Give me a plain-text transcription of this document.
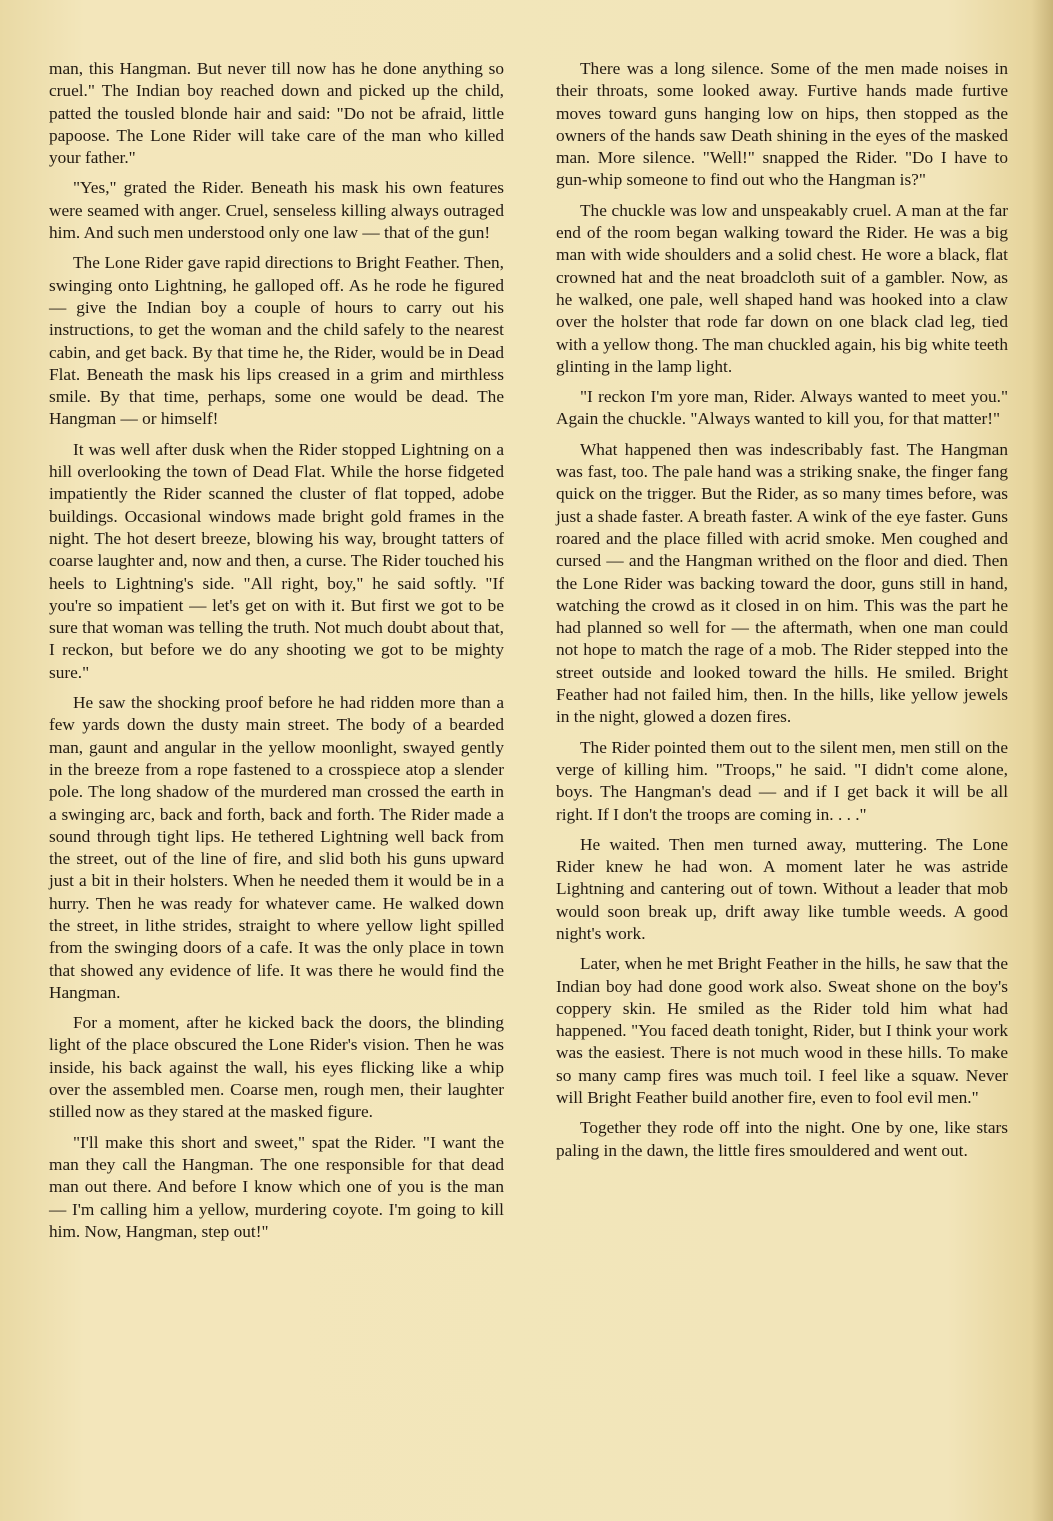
man, this Hangman. But never till now has he done anything so cruel." The Indian boy reached down and picked up the child, patted the tousled blonde hair and said: "Do not be afraid, little papoose. The Lone Rider will take care of the man who killed your father."

"Yes," grated the Rider. Beneath his mask his own features were seamed with anger. Cruel, senseless killing always outraged him. And such men understood only one law — that of the gun!

The Lone Rider gave rapid directions to Bright Feather. Then, swinging onto Lightning, he galloped off. As he rode he figured — give the Indian boy a couple of hours to carry out his instructions, to get the woman and the child safely to the nearest cabin, and get back. By that time he, the Rider, would be in Dead Flat. Beneath the mask his lips creased in a grim and mirthless smile. By that time, perhaps, some one would be dead. The Hangman — or himself!

It was well after dusk when the Rider stopped Lightning on a hill overlooking the town of Dead Flat. While the horse fidgeted impatiently the Rider scanned the cluster of flat topped, adobe buildings. Occasional windows made bright gold frames in the night. The hot desert breeze, blowing his way, brought tatters of coarse laughter and, now and then, a curse. The Rider touched his heels to Lightning's side. "All right, boy," he said softly. "If you're so impatient — let's get on with it. But first we got to be sure that woman was telling the truth. Not much doubt about that, I reckon, but before we do any shooting we got to be mighty sure."

He saw the shocking proof before he had ridden more than a few yards down the dusty main street. The body of a bearded man, gaunt and angular in the yellow moonlight, swayed gently in the breeze from a rope fastened to a crosspiece atop a slender pole. The long shadow of the murdered man crossed the earth in a swinging arc, back and forth, back and forth. The Rider made a sound through tight lips. He tethered Lightning well back from the street, out of the line of fire, and slid both his guns upward just a bit in their holsters. When he needed them it would be in a hurry. Then he was ready for whatever came. He walked down the street, in lithe strides, straight to where yellow light spilled from the swinging doors of a cafe. It was the only place in town that showed any evidence of life. It was there he would find the Hangman.

For a moment, after he kicked back the doors, the blinding light of the place obscured the Lone Rider's vision. Then he was inside, his back against the wall, his eyes flicking like a whip over the assembled men. Coarse men, rough men, their laughter stilled now as they stared at the masked figure.

"I'll make this short and sweet," spat the Rider. "I want the man they call the Hangman. The one responsible for that dead man out there. And before I know which one of you is the man — I'm calling him a yellow, murdering coyote. I'm going to kill him. Now, Hangman, step out!"

There was a long silence. Some of the men made noises in their throats, some looked away. Furtive hands made furtive moves toward guns hanging low on hips, then stopped as the owners of the hands saw Death shining in the eyes of the masked man. More silence. "Well!" snapped the Rider. "Do I have to gun-whip someone to find out who the Hangman is?"

The chuckle was low and unspeakably cruel. A man at the far end of the room began walking toward the Rider. He was a big man with wide shoulders and a solid chest. He wore a black, flat crowned hat and the neat broadcloth suit of a gambler. Now, as he walked, one pale, well shaped hand was hooked into a claw over the holster that rode far down on one black clad leg, tied with a yellow thong. The man chuckled again, his big white teeth glinting in the lamp light.

"I reckon I'm yore man, Rider. Always wanted to meet you." Again the chuckle. "Always wanted to kill you, for that matter!"

What happened then was indescribably fast. The Hangman was fast, too. The pale hand was a striking snake, the finger fang quick on the trigger. But the Rider, as so many times before, was just a shade faster. A breath faster. A wink of the eye faster. Guns roared and the place filled with acrid smoke. Men coughed and cursed — and the Hangman writhed on the floor and died. Then the Lone Rider was backing toward the door, guns still in hand, watching the crowd as it closed in on him. This was the part he had planned so well for — the aftermath, when one man could not hope to match the rage of a mob. The Rider stepped into the street outside and looked toward the hills. He smiled. Bright Feather had not failed him, then. In the hills, like yellow jewels in the night, glowed a dozen fires.

The Rider pointed them out to the silent men, men still on the verge of killing him. "Troops," he said. "I didn't come alone, boys. The Hangman's dead — and if I get back it will be all right. If I don't the troops are coming in. . . ."

He waited. Then men turned away, muttering. The Lone Rider knew he had won. A moment later he was astride Lightning and cantering out of town. Without a leader that mob would soon break up, drift away like tumble weeds. A good night's work.

Later, when he met Bright Feather in the hills, he saw that the Indian boy had done good work also. Sweat shone on the boy's coppery skin. He smiled as the Rider told him what had happened. "You faced death tonight, Rider, but I think your work was the easiest. There is not much wood in these hills. To make so many camp fires was much toil. I feel like a squaw. Never will Bright Feather build another fire, even to fool evil men."

Together they rode off into the night. One by one, like stars paling in the dawn, the little fires smouldered and went out.
